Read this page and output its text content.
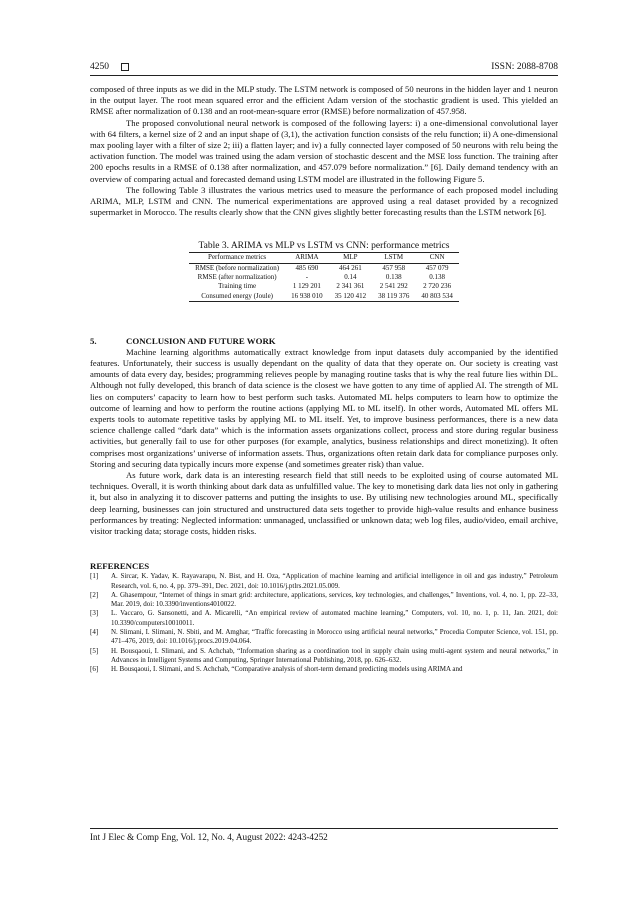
4250	ISSN: 2088-8708

composed of three inputs as we did in the MLP study. The LSTM network is composed of 50 neurons in the hidden layer and 1 neuron in the output layer. The root mean squared error and the efficient Adam version of the stochastic gradient is used. This yielded an RMSE after normalization of 0.138 and an root-mean-square error (RMSE) before normalization of 457.958.

The proposed convolutional neural network is composed of the following layers: i) a one-dimensional convolutional layer with 64 filters, a kernel size of 2 and an input shape of (3,1), the activation function consists of the relu function; ii) A one-dimensional max pooling layer with a filter of size 2; iii) a flatten layer; and iv) a fully connected layer composed of 50 neurons with relu being the activation function. The model was trained using the adam version of stochastic descent and the MSE loss function. The training after 200 epochs results in a RMSE of 0.138 after normalization, and 457.079 before normalization.” [6]. Daily demand tendency with an overview of comparing actual and forecasted demand using LSTM model are illustrated in the following Figure 5.

The following Table 3 illustrates the various metrics used to measure the performance of each proposed model including ARIMA, MLP, LSTM and CNN. The numerical experimentations are approved using a real dataset provided by a recognized supermarket in Morocco. The results clearly show that the CNN gives slightly better forecasting results than the LSTM network [6].

Table 3. ARIMA vs MLP vs LSTM vs CNN: performance metrics
Performance metrics	ARIMA	MLP	LSTM	CNN
RMSE (before normalization)	485 690	464 261	457 958	457 079
RMSE (after normalization)	-	0.14	0.138	0.138
Training time	1 129 201	2 341 361	2 541 292	2 720 236
Consumed energy (Joule)	16 938 010	35 120 412	38 119 376	40 803 534
5.	CONCLUSION AND FUTURE WORK

Machine learning algorithms automatically extract knowledge from input datasets duly accompanied by the identified features. Unfortunately, their success is usually dependant on the quality of data that they operate on. Our society is creating vast amounts of data every day, besides; programming relieves people by managing routine tasks that is why the real future lies within DL. Although not fully developed, this branch of data science is the closest we have gotten to any time of applied AI. The strength of ML lies on computers’ capacity to learn how to best perform such tasks. Automated ML helps computers to learn how to optimize the outcome of learning and how to perform the routine actions (applying ML to ML itself). In other words, Automated ML offers ML experts tools to automate repetitive tasks by applying ML to ML itself. Yet, to improve business performances, there is a new data science challenge called “dark data” which is the information assets organizations collect, process and store during regular business activities, but generally fail to use for other purposes (for example, analytics, business relationships and direct monetizing). It often comprises most organizations’ universe of information assets. Thus, organizations often retain dark data for compliance purposes only. Storing and securing data typically incurs more expense (and sometimes greater risk) than value.

As future work, dark data is an interesting research field that still needs to be exploited using of course automated ML techniques. Overall, it is worth thinking about dark data as unfulfilled value. The key to monetising dark data lies not only in gathering it, but also in analyzing it to discover patterns and putting the insights to use. By utilising new technologies around ML, specifically deep learning, businesses can join structured and unstructured data sets together to provide high-value results and enhance business performances by treating: Neglected information: unmanaged, unclassified or unknown data; web log files, audio/video, email archive, visitor tracking data; storage costs, hidden risks.

REFERENCES
[1]	A. Sircar, K. Yadav, K. Rayavarapu, N. Bist, and H. Oza, “Application of machine learning and artificial intelligence in oil and gas industry,” Petroleum Research, vol. 6, no. 4, pp. 379–391, Dec. 2021, doi: 10.1016/j.ptlrs.2021.05.009.
[2]	A. Ghasempour, “Internet of things in smart grid: architecture, applications, services, key technologies, and challenges,” Inventions, vol. 4, no. 1, pp. 22–33, Mar. 2019, doi: 10.3390/inventions4010022.
[3]	L. Vaccaro, G. Sansonetti, and A. Micarelli, “An empirical review of automated machine learning,” Computers, vol. 10, no. 1, p. 11, Jan. 2021, doi: 10.3390/computers10010011.
[4]	N. Slimani, I. Slimani, N. Sbiti, and M. Amghar, “Traffic forecasting in Morocco using artificial neural networks,” Procedia Computer Science, vol. 151, pp. 471–476, 2019, doi: 10.1016/j.procs.2019.04.064.
[5]	H. Bousqaoui, I. Slimani, and S. Achchab, “Information sharing as a coordination tool in supply chain using multi-agent system and neural networks,” in Advances in Intelligent Systems and Computing, Springer International Publishing, 2018, pp. 626–632.
[6]	H. Bousqaoui, I. Slimani, and S. Achchab, “Comparative analysis of short-term demand predicting models using ARIMA and
Int J Elec & Comp Eng, Vol. 12, No. 4, August 2022: 4243-4252
